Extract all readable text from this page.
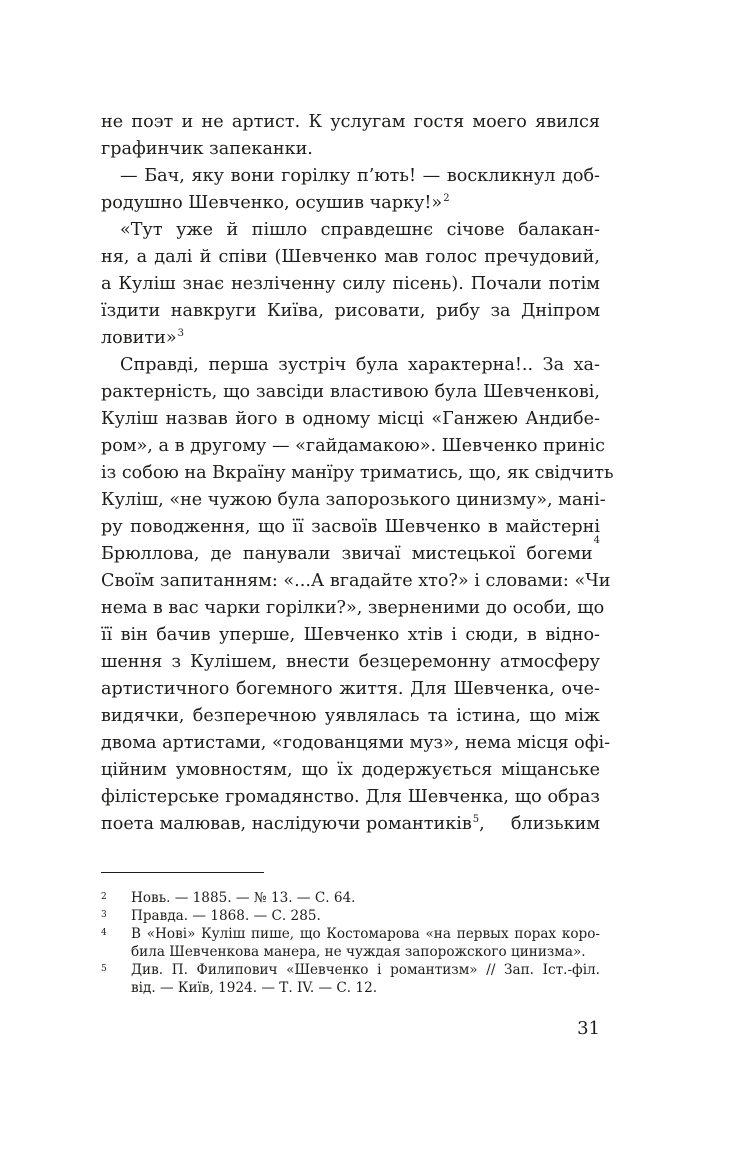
не поэт и не артист. К услугам гостя моего явился
графинчик запеканки.
— Бач, яку вони горілку п’ють! — воскликнул доб-
родушно Шевченко, осушив чарку!»$^2$
«Тут уже й пішло справдешнє січове балакан-
ня, а далі й співи (Шевченко мав голос пречудовий,
а Куліш знає незліченну силу пісень). Почали потім
їздити навкруги Київа, рисовати, рибу за Дніпром
ловити»$^3$
Справді, перша зустріч була характерна!.. За ха-
рактерність, що завсіди властивою була Шевченкові,
Куліш назвав його в одному місці «Ганжею Андибе-
ром», а в другому — «гайдамакою». Шевченко приніс
із собою на Вкраїну манїру триматись, що, як свідчить
Куліш, «не чужою була запорозького цинизму», мані-
ру поводження, що її засвоїв Шевченко в майстерні
Брюллова, де панували звичаї мистецької богеми
4
Своїм запитанням: «...А вгадайте хто?» і словами: «Чи
нема в вас чарки горілки?», зверненими до особи, що
її він бачив уперше, Шевченко хтів і сюди, в відно-
шення з Кулішем, внести безцеремонну атмосферу
артистичного богемного життя. Для Шевченка, оче-
видячки, безперечною уявлялась та істина, що між
двома артистами, «годованцями муз», нема місця офі-
ційним умовностям, що їх додержується міщанське
філістерське громадянство. Для Шевченка, що образ
поета малював, наслідуючи романтиків$^5$, близьким
2 Новь. — 1885. — № 13. — С. 64.
3 Правда. — 1868. — С. 285.
4 В «Нові» Куліш пише, що Костомарова «на первых порах коро-
била Шевченкова манера, не чуждая запорожского цинизма».
5 Див. П. Филипович «Шевченко і романтизм» // Зап. Іст.-філ.
від. — Київ, 1924. — Т. IV. — С. 12.
31
